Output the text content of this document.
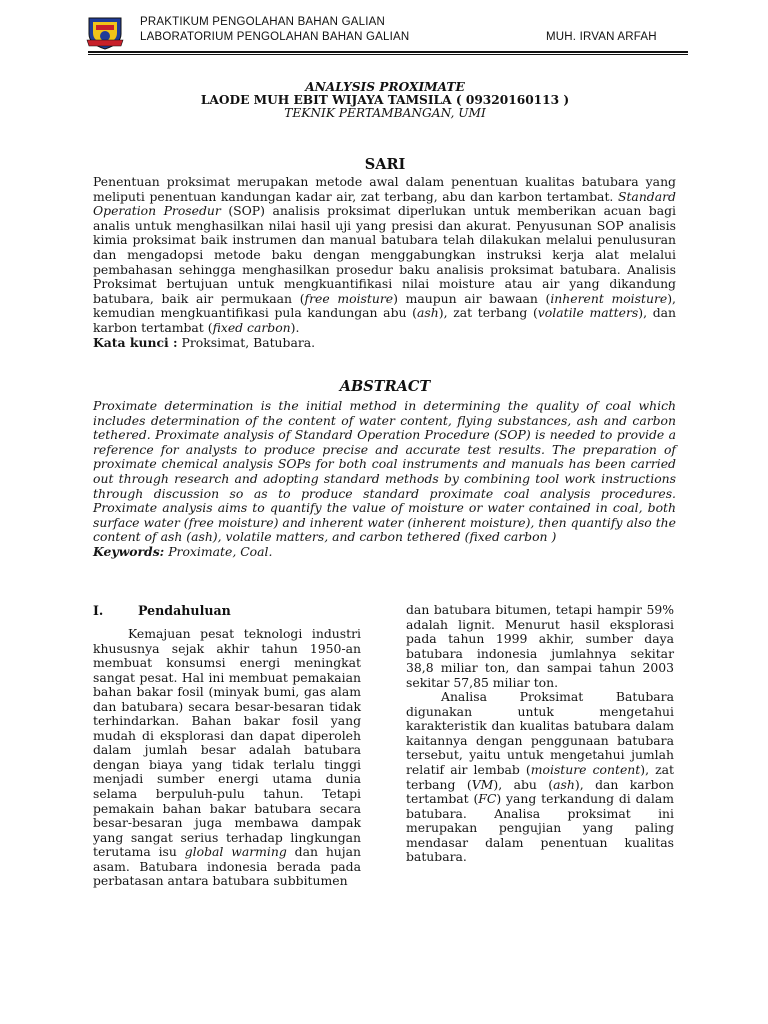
PRAKTIKUM PENGOLAHAN BAHAN GALIAN
LABORATORIUM PENGOLAHAN BAHAN GALIAN	MUH. IRVAN ARFAH
ANALYSIS PROXIMATE
LAODE MUH EBIT WIJAYA TAMSILA ( 09320160113 )
TEKNIK PERTAMBANGAN, UMI
SARI

Penentuan proksimat merupakan metode awal dalam penentuan kualitas batubara yang meliputi penentuan kandungan kadar air, zat terbang, abu dan karbon tertambat. Standard Operation Prosedur (SOP) analisis proksimat diperlukan untuk memberikan acuan bagi analis untuk menghasilkan nilai hasil uji yang presisi dan akurat. Penyusunan SOP analisis kimia proksimat baik instrumen dan manual batubara telah dilakukan melalui penulusuran dan mengadopsi metode baku dengan menggabungkan instruksi kerja alat melalui pembahasan sehingga menghasilkan prosedur baku analisis proksimat batubara. Analisis Proksimat bertujuan untuk mengkuantifikasi nilai moisture atau air yang dikandung batubara, baik air permukaan (free moisture) maupun air bawaan (inherent moisture), kemudian mengkuantifikasi pula kandungan abu (ash), zat terbang (volatile matters), dan karbon tertambat (fixed carbon).

Kata kunci : Proksimat, Batubara.

ABSTRACT

Proximate determination is the initial method in determining the quality of coal which includes determination of the content of water content, flying substances, ash and carbon tethered. Proximate analysis of Standard Operation Procedure (SOP) is needed to provide a reference for analysts to produce precise and accurate test results. The preparation of proximate chemical analysis SOPs for both coal instruments and manuals has been carried out through research and adopting standard methods by combining tool work instructions through discussion so as to produce standard proximate coal analysis procedures. Proximate analysis aims to quantify the value of moisture or water contained in coal, both surface water (free moisture) and inherent water (inherent moisture), then quantify also the content of ash (ash), volatile matters, and carbon tethered (fixed carbon )

Keywords: Proximate, Coal.

I.	Pendahuluan

Kemajuan pesat teknologi industri khususnya sejak akhir tahun 1950-an membuat konsumsi energi meningkat sangat pesat. Hal ini membuat pemakaian bahan bakar fosil (minyak bumi, gas alam dan batubara) secara besar-besaran tidak terhindarkan. Bahan bakar fosil yang mudah di eksplorasi dan dapat diperoleh dalam jumlah besar adalah batubara dengan biaya yang tidak terlalu tinggi menjadi sumber energi utama dunia selama berpuluh-pulu tahun. Tetapi pemakain bahan bakar batubara secara besar-besaran juga membawa dampak yang sangat serius terhadap lingkungan terutama isu global warming dan hujan asam. Batubara indonesia berada pada perbatasan antara batubara subbitumen

dan batubara bitumen, tetapi hampir 59% adalah lignit. Menurut hasil eksplorasi pada tahun 1999 akhir, sumber daya batubara indonesia jumlahnya sekitar 38,8 miliar ton, dan sampai tahun 2003 sekitar 57,85 miliar ton.

Analisa Proksimat Batubara digunakan untuk mengetahui karakteristik dan kualitas batubara dalam kaitannya dengan penggunaan batubara tersebut, yaitu untuk mengetahui jumlah relatif air lembab (moisture content), zat terbang (VM), abu (ash), dan karbon tertambat (FC) yang terkandung di dalam batubara. Analisa proksimat ini merupakan pengujian yang paling mendasar dalam penentuan kualitas batubara.
